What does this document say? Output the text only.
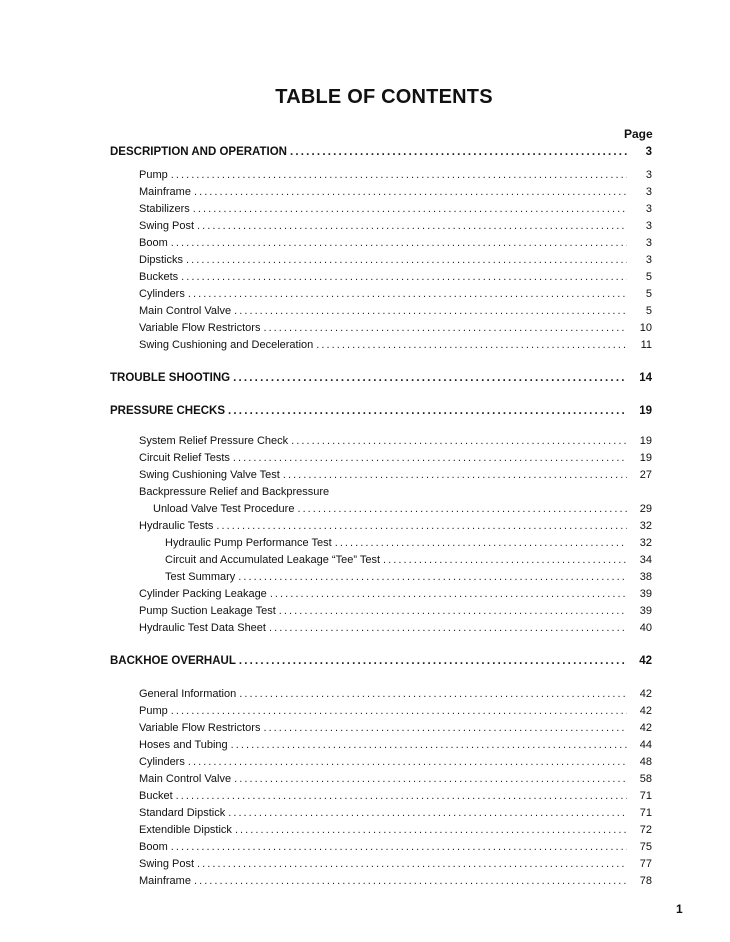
TABLE OF CONTENTS
Page
DESCRIPTION AND OPERATION . . .	3
Pump . . .	3
Mainframe . . .	3
Stabilizers . . .	3
Swing Post . . .	3
Boom . . .	3
Dipsticks . . .	3
Buckets . . .	5
Cylinders . . .	5
Main Control Valve . . .	5
Variable Flow Restrictors . . .	10
Swing Cushioning and Deceleration . . .	11
TROUBLE SHOOTING . . .	14
PRESSURE CHECKS . . .	19
System Relief Pressure Check . . .	19
Circuit Relief Tests . . .	19
Swing Cushioning Valve Test . . .	27
Backpressure Relief and Backpressure
Unload Valve Test Procedure . . .	29
Hydraulic Tests . . .	32
Hydraulic Pump Performance Test . . .	32
Circuit and Accumulated Leakage “Tee” Test . . .	34
Test Summary . . .	38
Cylinder Packing Leakage . . .	39
Pump Suction Leakage Test . . .	39
Hydraulic Test Data Sheet . . .	40
BACKHOE OVERHAUL . . .	42
General Information . . .	42
Pump . . .	42
Variable Flow Restrictors . . .	42
Hoses and Tubing . . .	44
Cylinders . . .	48
Main Control Valve . . .	58
Bucket . . .	71
Standard Dipstick . . .	71
Extendible Dipstick . . .	72
Boom . . .	75
Swing Post . . .	77
Mainframe . . .	78
1
